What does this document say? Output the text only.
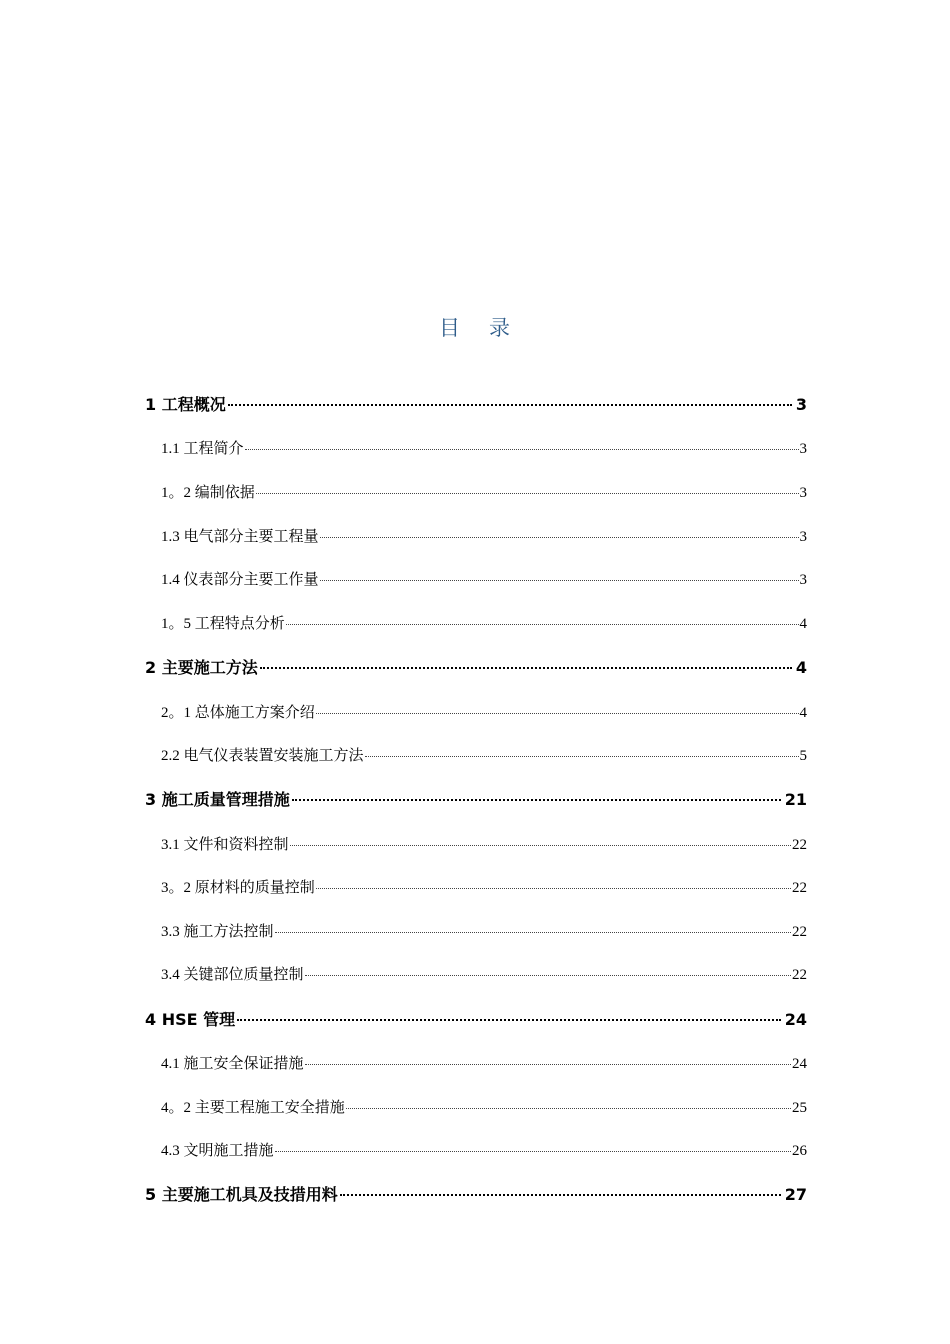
目 录
1 工程概况	3
1.1 工程简介	3
1。2 编制依据	3
1.3 电气部分主要工程量	3
1.4 仪表部分主要工作量	3
1。5 工程特点分析	4
2 主要施工方法	4
2。1 总体施工方案介绍	4
2.2 电气仪表装置安装施工方法	5
3 施工质量管理措施	21
3.1 文件和资料控制	22
3。2 原材料的质量控制	22
3.3 施工方法控制	22
3.4 关键部位质量控制	22
4 HSE 管理	24
4.1 施工安全保证措施	24
4。2 主要工程施工安全措施	25
4.3 文明施工措施	26
5 主要施工机具及技措用料	27
